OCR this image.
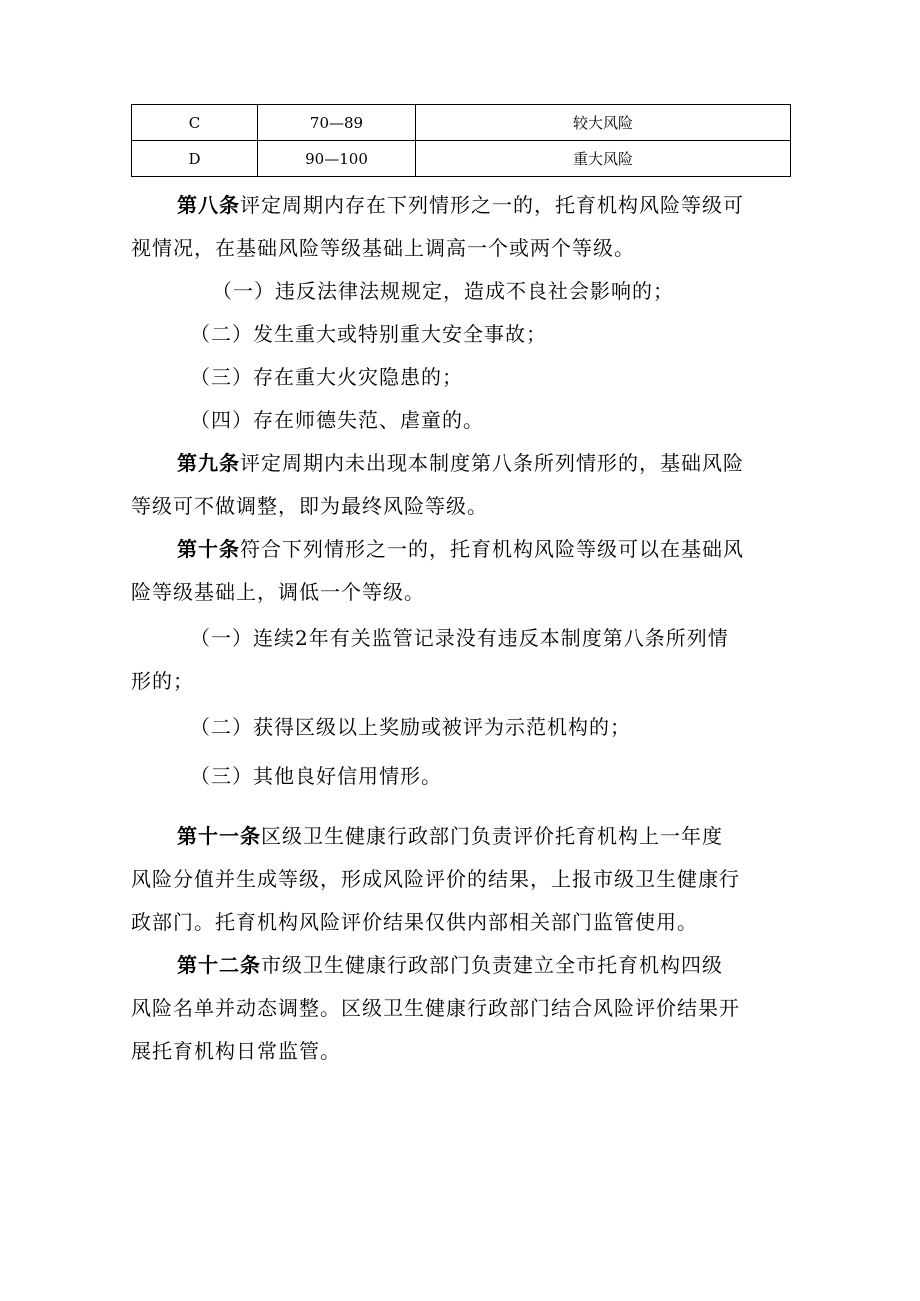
C	70—89	较大风险
D	90—100	重大风险

第八条评定周期内存在下列情形之一的，托育机构风险等级可

视情况，在基础风险等级基础上调高一个或两个等级。

（一）违反法律法规规定，造成不良社会影响的；

（二）发生重大或特别重大安全事故；

（三）存在重大火灾隐患的；

（四）存在师德失范、虐童的。

第九条评定周期内未出现本制度第八条所列情形的，基础风险

等级可不做调整，即为最终风险等级。

第十条符合下列情形之一的，托育机构风险等级可以在基础风

险等级基础上，调低一个等级。

（一）连续2年有关监管记录没有违反本制度第八条所列情

形的；

（二）获得区级以上奖励或被评为示范机构的；

（三）其他良好信用情形。

第十一条区级卫生健康行政部门负责评价托育机构上一年度

风险分值并生成等级，形成风险评价的结果，上报市级卫生健康行

政部门。托育机构风险评价结果仅供内部相关部门监管使用。

第十二条市级卫生健康行政部门负责建立全市托育机构四级

风险名单并动态调整。区级卫生健康行政部门结合风险评价结果开

展托育机构日常监管。
